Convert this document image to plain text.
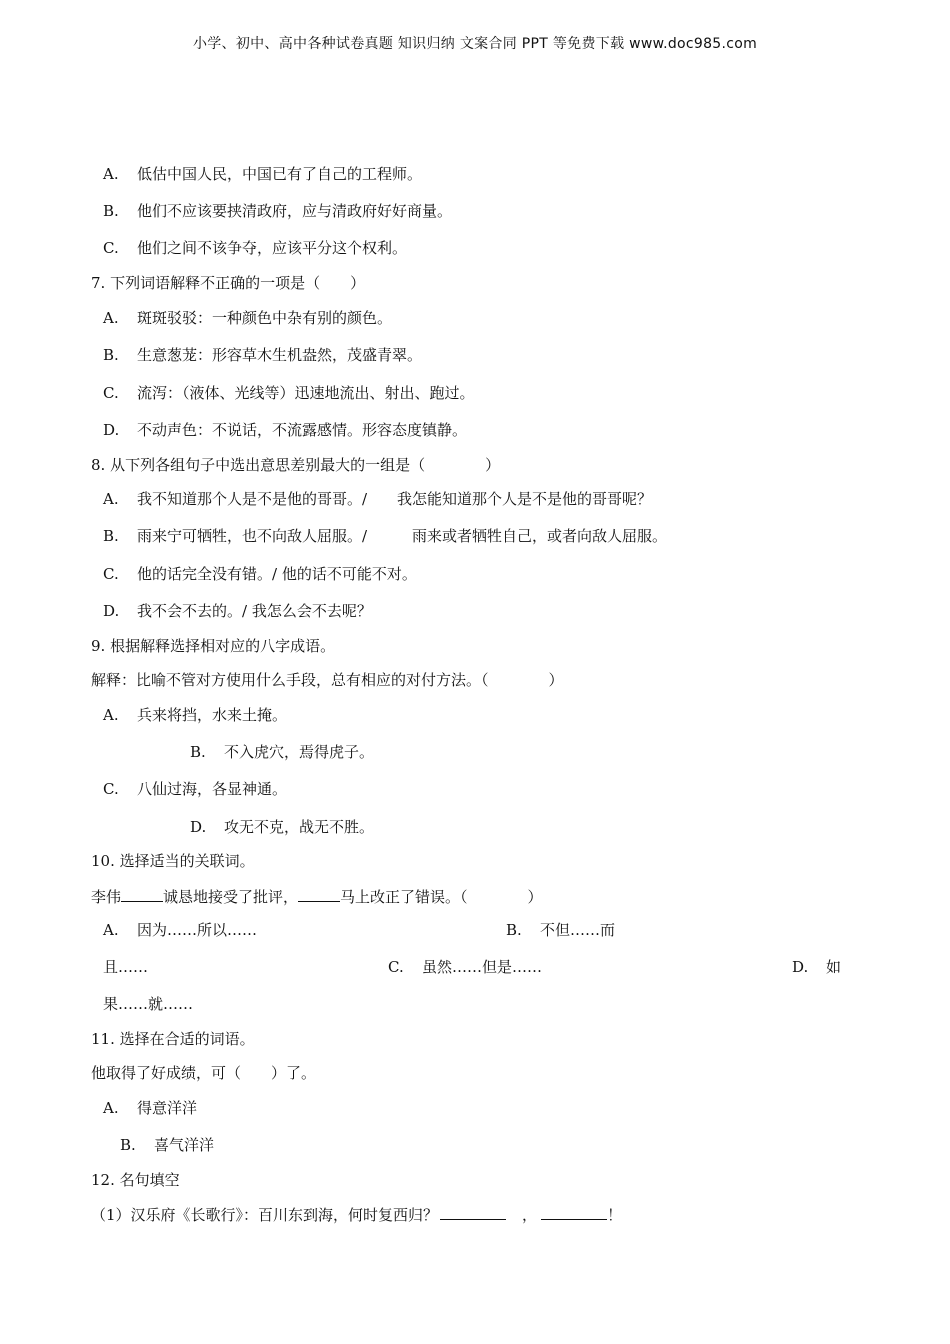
小学、初中、高中各种试卷真题 知识归纳 文案合同 PPT 等免费下载 www.doc985.com
A. 低估中国人民，中国已有了自己的工程师。
B. 他们不应该要挟清政府，应与清政府好好商量。
C. 他们之间不该争夺，应该平分这个权利。
7. 下列词语解释不正确的一项是（　　）
A. 斑斑驳驳：一种颜色中杂有别的颜色。
B. 生意葱茏：形容草木生机盎然，茂盛青翠。
C. 流泻：（液体、光线等）迅速地流出、射出、跑过。
D. 不动声色：不说话，不流露感情。形容态度镇静。
8. 从下列各组句子中选出意思差别最大的一组是（　　　　）
A. 我不知道那个人是不是他的哥哥。/　　我怎能知道那个人是不是他的哥哥呢？
B. 雨来宁可牺牲，也不向敌人屈服。/　　　雨来或者牺牲自己，或者向敌人屈服。
C. 他的话完全没有错。/ 他的话不可能不对。
D. 我不会不去的。/ 我怎么会不去呢？
9. 根据解释选择相对应的八字成语。
解释：比喻不管对方使用什么手段，总有相应的对付方法。（　　　　）
A. 兵来将挡，水来土掩。
B. 不入虎穴，焉得虎子。
C. 八仙过海，各显神通。
D. 攻无不克，战无不胜。
10. 选择适当的关联词。
李伟	诚恳地接受了批评，	马上改正了错误。（　　　　）
A. 因为……所以……	B. 不但……而
且……	C. 虽然……但是……	D. 如
果……就……
11. 选择在合适的词语。
他取得了好成绩，可（　　）了。
A. 得意洋洋
B. 喜气洋洋
12. 名句填空
（1）汉乐府《长歌行》：百川东到海，何时复西归？	，	！
